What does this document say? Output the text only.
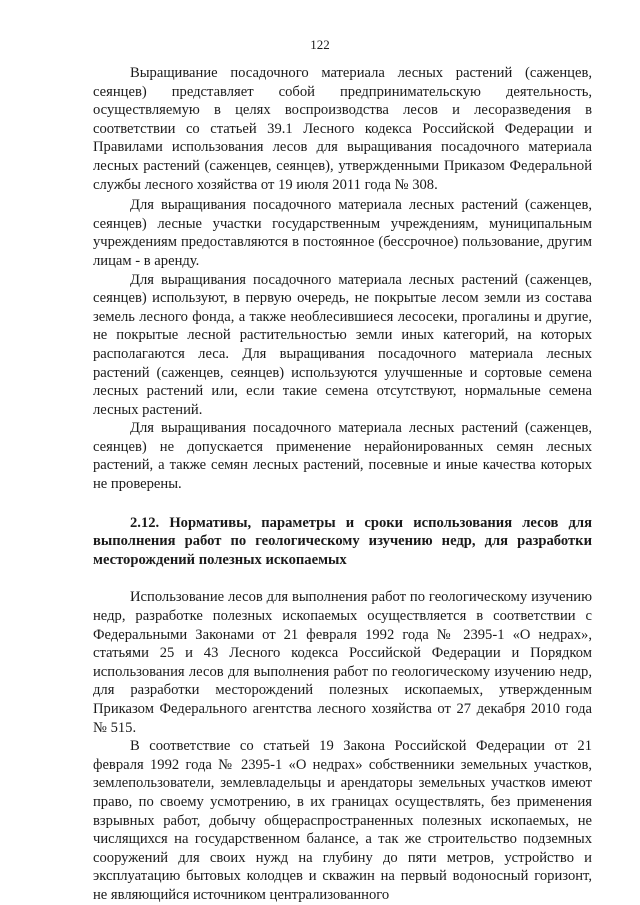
122

Выращивание посадочного материала лесных растений (саженцев, сеянцев) представляет собой предпринимательскую деятельность, осуществляемую в целях воспроизводства лесов и лесоразведения в соответствии со статьей 39.1 Лесного кодекса Российской Федерации и Правилами использования лесов для выращивания посадочного материала лесных растений (саженцев, сеянцев), утвержденными Приказом Федеральной службы лесного хозяйства от 19 июля 2011 года № 308.

Для выращивания посадочного материала лесных растений (саженцев, сеянцев) лесные участки государственным учреждениям, муниципальным учреждениям предоставляются в постоянное (бессрочное) пользование, другим лицам - в аренду.

Для выращивания посадочного материала лесных растений (саженцев, сеянцев) используют, в первую очередь, не покрытые лесом земли из состава земель лесного фонда, а также необлесившиеся лесосеки, прогалины и другие, не покрытые лесной растительностью земли иных категорий, на которых располагаются леса. Для выращивания посадочного материала лесных растений (саженцев, сеянцев) используются улучшенные и сортовые семена лесных растений или, если такие семена отсутствуют, нормальные семена лесных растений.

Для выращивания посадочного материала лесных растений (саженцев, сеянцев) не допускается применение нерайонированных семян лесных растений, а также семян лесных растений, посевные и иные качества которых не проверены.

2.12. Нормативы, параметры и сроки использования лесов для выполнения работ по геологическому изучению недр, для разработки месторождений полезных ископаемых

Использование лесов для выполнения работ по геологическому изучению недр, разработке полезных ископаемых осуществляется в соответствии с Федеральными Законами от 21 февраля 1992 года № 2395-1 «О недрах», статьями 25 и 43 Лесного кодекса Российской Федерации и Порядком использования лесов для выполнения работ по геологическому изучению недр, для разработки месторождений полезных ископаемых, утвержденным Приказом Федерального агентства лесного хозяйства от 27 декабря 2010 года № 515.

В соответствие со статьей 19 Закона Российской Федерации от 21 февраля 1992 года № 2395-1 «О недрах» собственники земельных участков, землепользователи, землевладельцы и арендаторы земельных участков имеют право, по своему усмотрению, в их границах осуществлять, без применения взрывных работ, добычу общераспространенных полезных ископаемых, не числящихся на государственном балансе, а так же строительство подземных сооружений для своих нужд на глубину до пяти метров, устройство и эксплуатацию бытовых колодцев и скважин на первый водоносный горизонт, не являющийся источником централизованного
